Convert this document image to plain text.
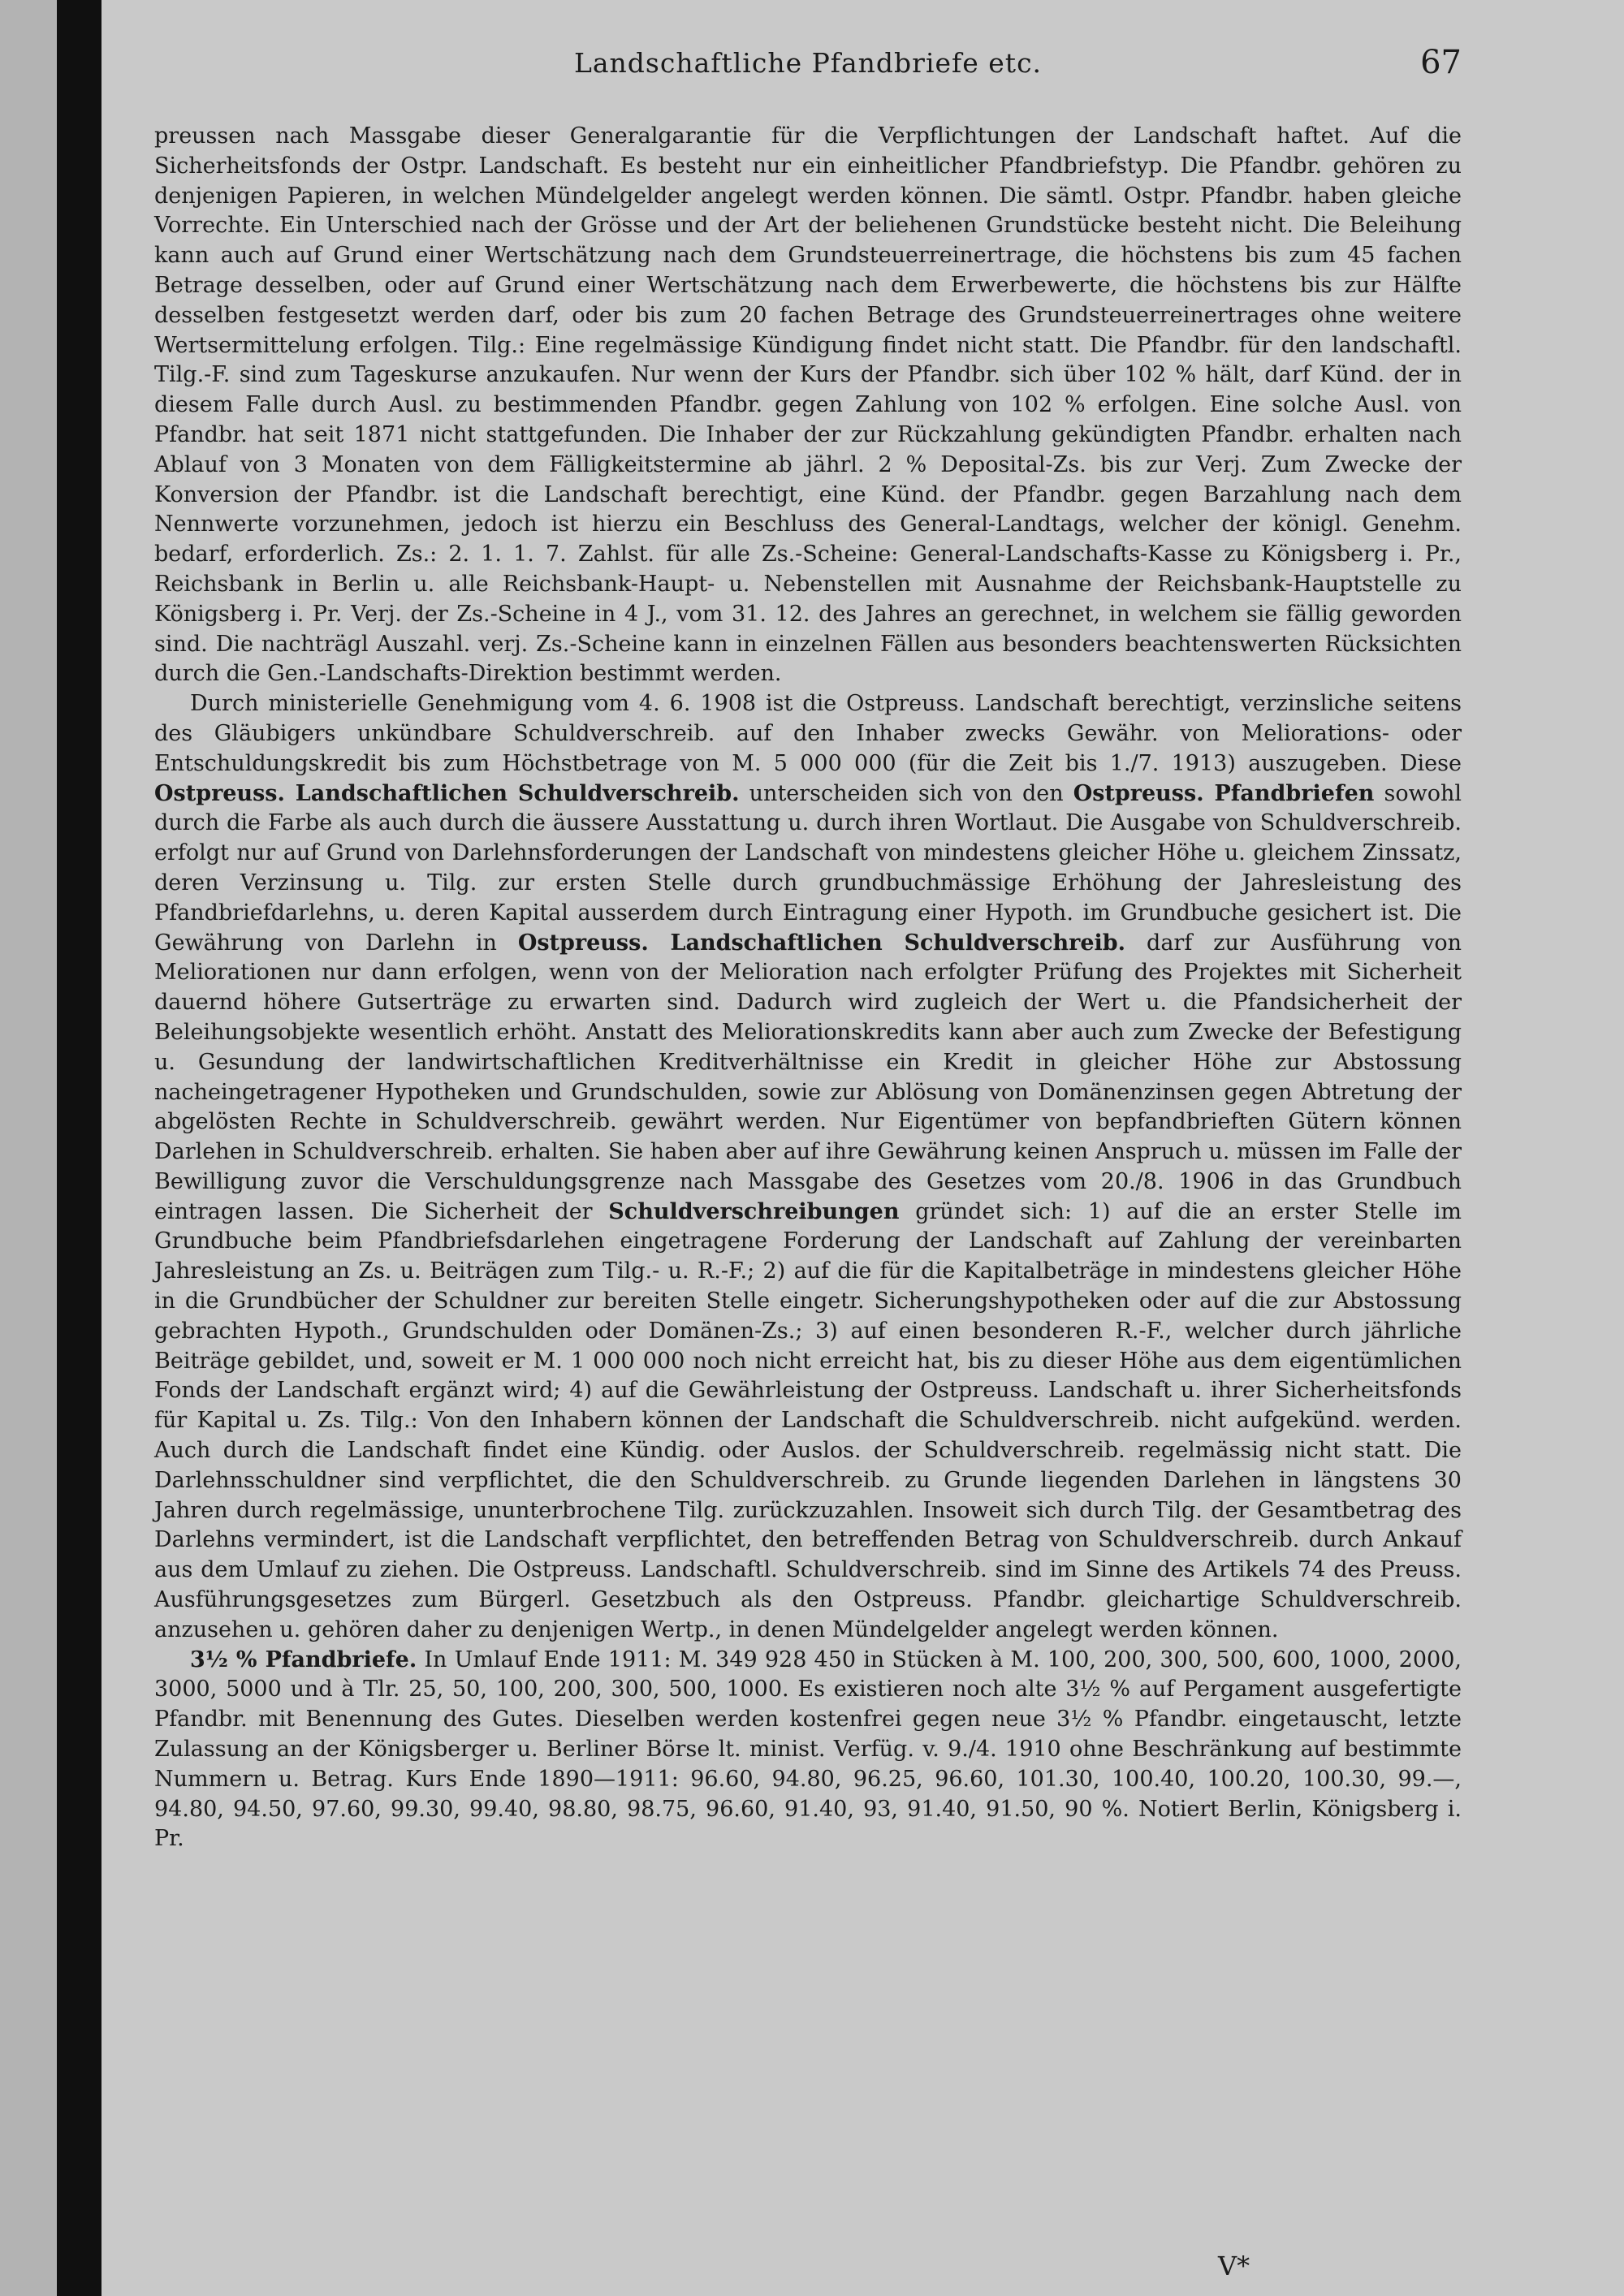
Landschaftliche Pfandbriefe etc.	67

preussen nach Massgabe dieser Generalgarantie für die Verpflichtungen der Landschaft haftet. Auf die Sicherheitsfonds der Ostpr. Landschaft. Es besteht nur ein einheitlicher Pfandbriefstyp. Die Pfandbr. gehören zu denjenigen Papieren, in welchen Mündelgelder angelegt werden können. Die sämtl. Ostpr. Pfandbr. haben gleiche Vorrechte. Ein Unterschied nach der Grösse und der Art der beliehenen Grundstücke besteht nicht. Die Beleihung kann auch auf Grund einer Wertschätzung nach dem Grundsteuerreinertrage, die höchstens bis zum 45 fachen Betrage desselben, oder auf Grund einer Wertschätzung nach dem Erwerbewerte, die höchstens bis zur Hälfte desselben festgesetzt werden darf, oder bis zum 20 fachen Betrage des Grundsteuerreinertrages ohne weitere Wertsermittelung erfolgen. Tilg.: Eine regelmässige Kündigung findet nicht statt. Die Pfandbr. für den landschaftl. Tilg.-F. sind zum Tageskurse anzukaufen. Nur wenn der Kurs der Pfandbr. sich über 102 % hält, darf Künd. der in diesem Falle durch Ausl. zu bestimmenden Pfandbr. gegen Zahlung von 102 % erfolgen. Eine solche Ausl. von Pfandbr. hat seit 1871 nicht stattgefunden. Die Inhaber der zur Rückzahlung gekündigten Pfandbr. erhalten nach Ablauf von 3 Monaten von dem Fälligkeitstermine ab jährl. 2 % Deposital-Zs. bis zur Verj. Zum Zwecke der Konversion der Pfandbr. ist die Landschaft berechtigt, eine Künd. der Pfandbr. gegen Barzahlung nach dem Nennwerte vorzunehmen, jedoch ist hierzu ein Beschluss des General-Landtags, welcher der königl. Genehm. bedarf, erforderlich. Zs.: 2. 1. 1. 7. Zahlst. für alle Zs.-Scheine: General-Landschafts-Kasse zu Königsberg i. Pr., Reichsbank in Berlin u. alle Reichsbank-Haupt- u. Nebenstellen mit Ausnahme der Reichsbank-Hauptstelle zu Königsberg i. Pr. Verj. der Zs.-Scheine in 4 J., vom 31. 12. des Jahres an gerechnet, in welchem sie fällig geworden sind. Die nachträgl Auszahl. verj. Zs.-Scheine kann in einzelnen Fällen aus besonders beachtenswerten Rücksichten durch die Gen.-Landschafts-Direktion bestimmt werden.

Durch ministerielle Genehmigung vom 4. 6. 1908 ist die Ostpreuss. Landschaft berechtigt, verzinsliche seitens des Gläubigers unkündbare Schuldverschreib. auf den Inhaber zwecks Gewähr. von Meliorations- oder Entschuldungskredit bis zum Höchstbetrage von M. 5 000 000 (für die Zeit bis 1./7. 1913) auszugeben. Diese Ostpreuss. Landschaftlichen Schuldverschreib. unterscheiden sich von den Ostpreuss. Pfandbriefen sowohl durch die Farbe als auch durch die äussere Ausstattung u. durch ihren Wortlaut. Die Ausgabe von Schuldverschreib. erfolgt nur auf Grund von Darlehnsforderungen der Landschaft von mindestens gleicher Höhe u. gleichem Zinssatz, deren Verzinsung u. Tilg. zur ersten Stelle durch grundbuchmässige Erhöhung der Jahresleistung des Pfandbriefdarlehns, u. deren Kapital ausserdem durch Eintragung einer Hypoth. im Grundbuche gesichert ist. Die Gewährung von Darlehn in Ostpreuss. Landschaftlichen Schuldverschreib. darf zur Ausführung von Meliorationen nur dann erfolgen, wenn von der Melioration nach erfolgter Prüfung des Projektes mit Sicherheit dauernd höhere Gutserträge zu erwarten sind. Dadurch wird zugleich der Wert u. die Pfandsicherheit der Beleihungsobjekte wesentlich erhöht. Anstatt des Meliorationskredits kann aber auch zum Zwecke der Befestigung u. Gesundung der landwirtschaftlichen Kreditverhältnisse ein Kredit in gleicher Höhe zur Abstossung nacheingetragener Hypotheken und Grundschulden, sowie zur Ablösung von Domänenzinsen gegen Abtretung der abgelösten Rechte in Schuldverschreib. gewährt werden. Nur Eigentümer von bepfandbrieften Gütern können Darlehen in Schuldverschreib. erhalten. Sie haben aber auf ihre Gewährung keinen Anspruch u. müssen im Falle der Bewilligung zuvor die Verschuldungsgrenze nach Massgabe des Gesetzes vom 20./8. 1906 in das Grundbuch eintragen lassen. Die Sicherheit der Schuldverschreibungen gründet sich: 1) auf die an erster Stelle im Grundbuche beim Pfandbriefsdarlehen eingetragene Forderung der Landschaft auf Zahlung der vereinbarten Jahresleistung an Zs. u. Beiträgen zum Tilg.- u. R.-F.; 2) auf die für die Kapitalbeträge in mindestens gleicher Höhe in die Grundbücher der Schuldner zur bereiten Stelle eingetr. Sicherungshypotheken oder auf die zur Abstossung gebrachten Hypoth., Grundschulden oder Domänen-Zs.; 3) auf einen besonderen R.-F., welcher durch jährliche Beiträge gebildet, und, soweit er M. 1 000 000 noch nicht erreicht hat, bis zu dieser Höhe aus dem eigentümlichen Fonds der Landschaft ergänzt wird; 4) auf die Gewährleistung der Ostpreuss. Landschaft u. ihrer Sicherheitsfonds für Kapital u. Zs. Tilg.: Von den Inhabern können der Landschaft die Schuldverschreib. nicht aufgekünd. werden. Auch durch die Landschaft findet eine Kündig. oder Auslos. der Schuldverschreib. regelmässig nicht statt. Die Darlehnsschuldner sind verpflichtet, die den Schuldverschreib. zu Grunde liegenden Darlehen in längstens 30 Jahren durch regelmässige, ununterbrochene Tilg. zurückzuzahlen. Insoweit sich durch Tilg. der Gesamtbetrag des Darlehns vermindert, ist die Landschaft verpflichtet, den betreffenden Betrag von Schuldverschreib. durch Ankauf aus dem Umlauf zu ziehen. Die Ostpreuss. Landschaftl. Schuldverschreib. sind im Sinne des Artikels 74 des Preuss. Ausführungsgesetzes zum Bürgerl. Gesetzbuch als den Ostpreuss. Pfandbr. gleichartige Schuldverschreib. anzusehen u. gehören daher zu denjenigen Wertp., in denen Mündelgelder angelegt werden können.

3½ % Pfandbriefe. In Umlauf Ende 1911: M. 349 928 450 in Stücken à M. 100, 200, 300, 500, 600, 1000, 2000, 3000, 5000 und à Tlr. 25, 50, 100, 200, 300, 500, 1000. Es existieren noch alte 3½ % auf Pergament ausgefertigte Pfandbr. mit Benennung des Gutes. Dieselben werden kostenfrei gegen neue 3½ % Pfandbr. eingetauscht, letzte Zulassung an der Königsberger u. Berliner Börse lt. minist. Verfüg. v. 9./4. 1910 ohne Beschränkung auf bestimmte Nummern u. Betrag. Kurs Ende 1890—1911: 96.60, 94.80, 96.25, 96.60, 101.30, 100.40, 100.20, 100.30, 99.—, 94.80, 94.50, 97.60, 99.30, 99.40, 98.80, 98.75, 96.60, 91.40, 93, 91.40, 91.50, 90 %. Notiert Berlin, Königsberg i. Pr.

V*
